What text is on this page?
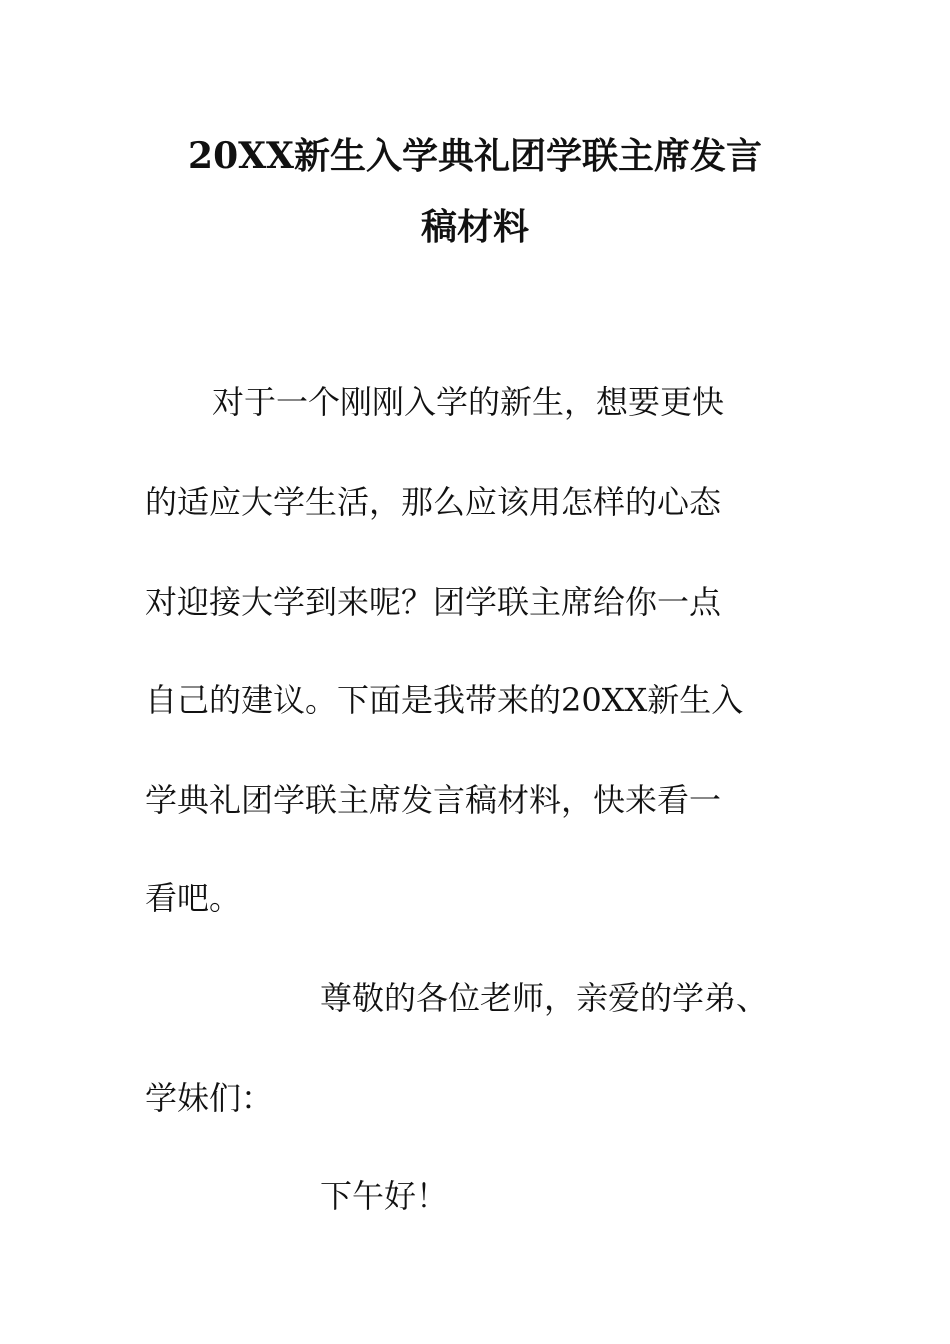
20XX新生入学典礼团学联主席发言
稿材料
对于一个刚刚入学的新生，想要更快
的适应大学生活，那么应该用怎样的心态
对迎接大学到来呢？团学联主席给你一点
自己的建议。下面是我带来的20XX新生入
学典礼团学联主席发言稿材料，快来看一
看吧。
尊敬的各位老师，亲爱的学弟、
学妹们：
下午好！
